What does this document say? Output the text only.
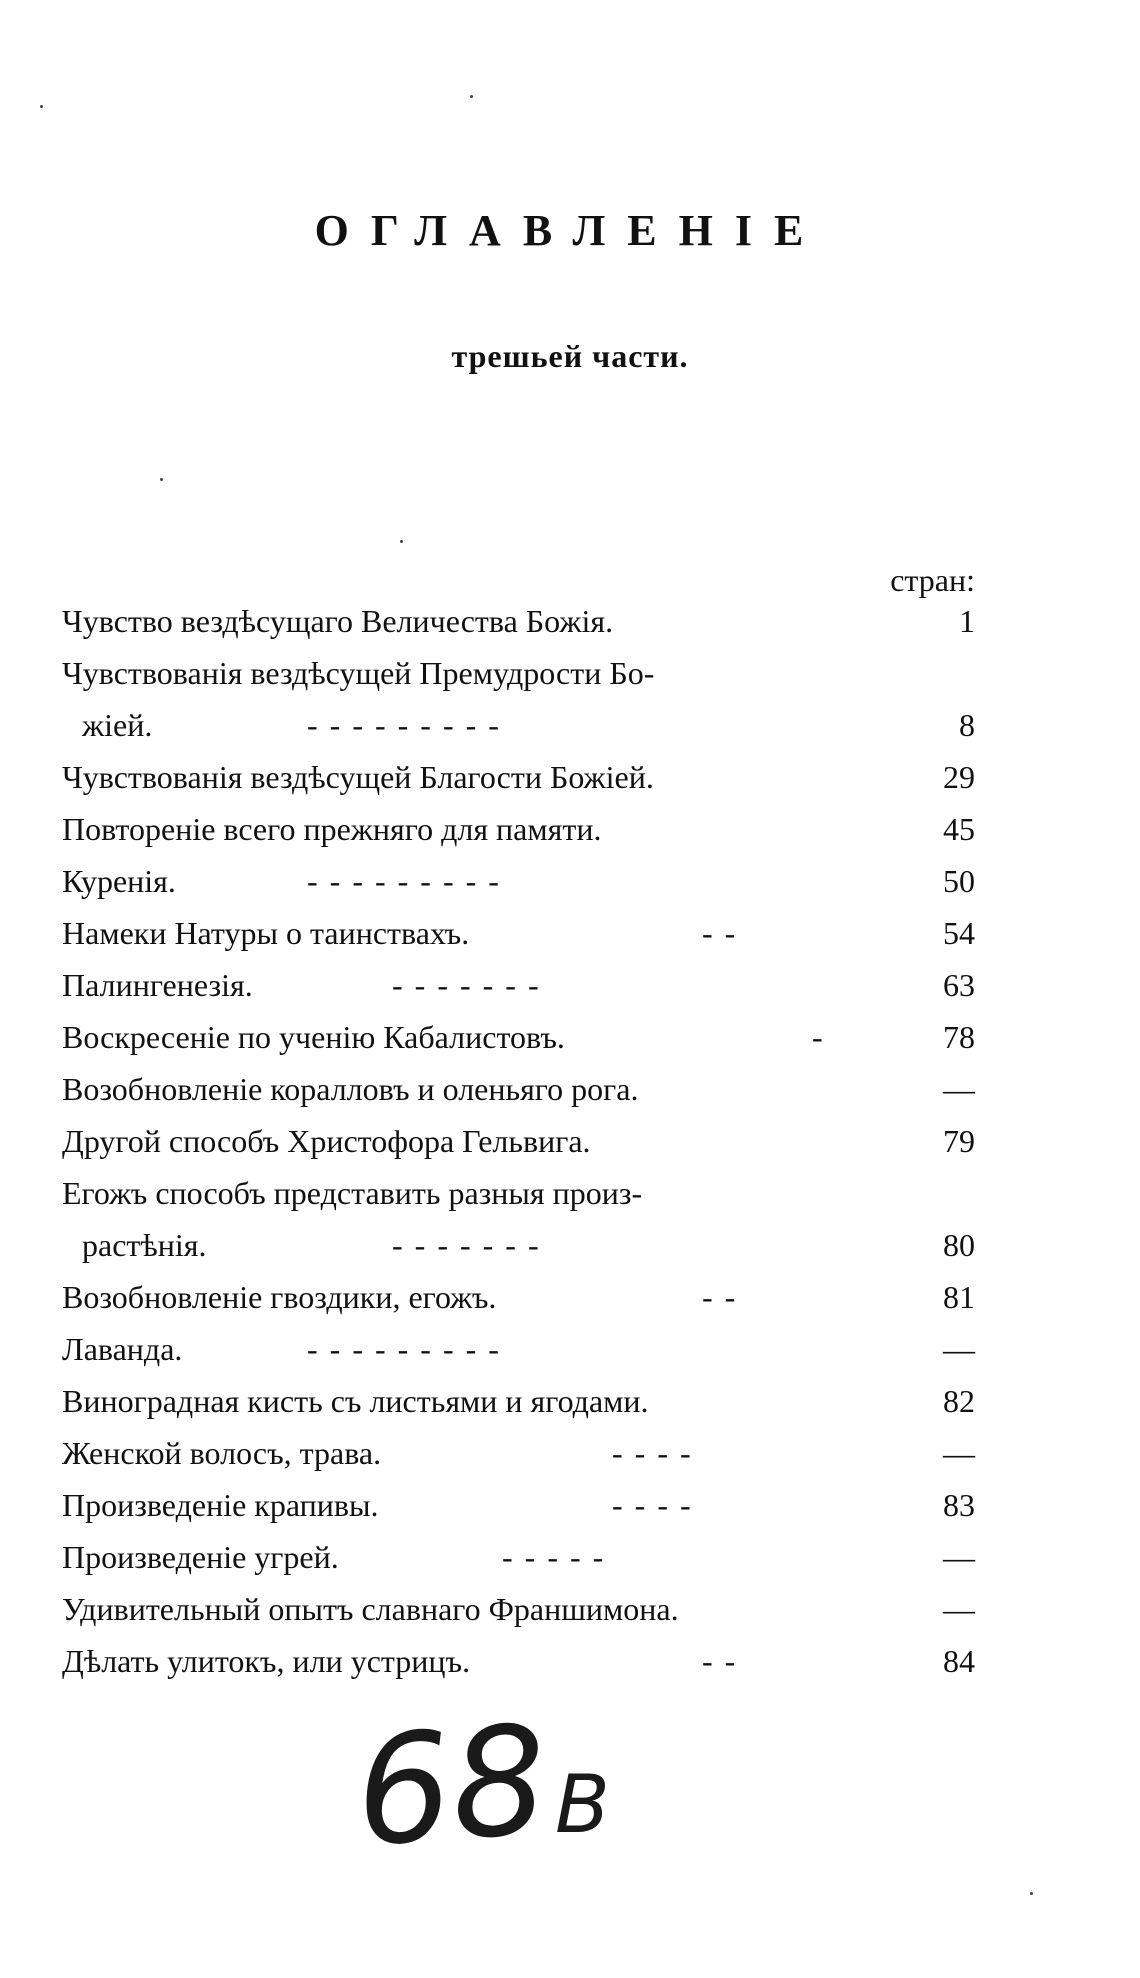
ОГЛАВЛЕНІЕ
трешьей части.
стран:
Чувство вездѣсущаго Величества Божія.	1
Чувствованія вездѣсущей Премудрости Бо-
жіей.	- - - - - - - - -	8
Чувствованія вездѣсущей Благости Божіей.	29
Повтореніе всего прежняго для памяти.	45
Куренія.	- - - - - - - - -	50
Намеки Натуры о таинствахъ.	- -	54
Палингенезія.	- - - - - - -	63
Воскресеніе по ученію Кабалистовъ.	-	78
Возобновленіе коралловъ и оленьяго рога.	—
Другой способъ Христофора Гельвига.	79
Егожъ способъ представить разныя произ-
растѣнія.	- - - - - - -	80
Возобновленіе гвоздики, егожъ.	- -	81
Лаванда.	- - - - - - - - -	—
Виноградная кисть съ листьями и ягодами.	82
Женской волосъ, трава.	- - - -	—
Произведеніе крапивы.	- - - -	83
Произведеніе угрей.	- - - - -	—
Удивительный опытъ славнаго Франшимона.	—
Дѣлать улитокъ, или устрицъ.	- -	84
68 В
